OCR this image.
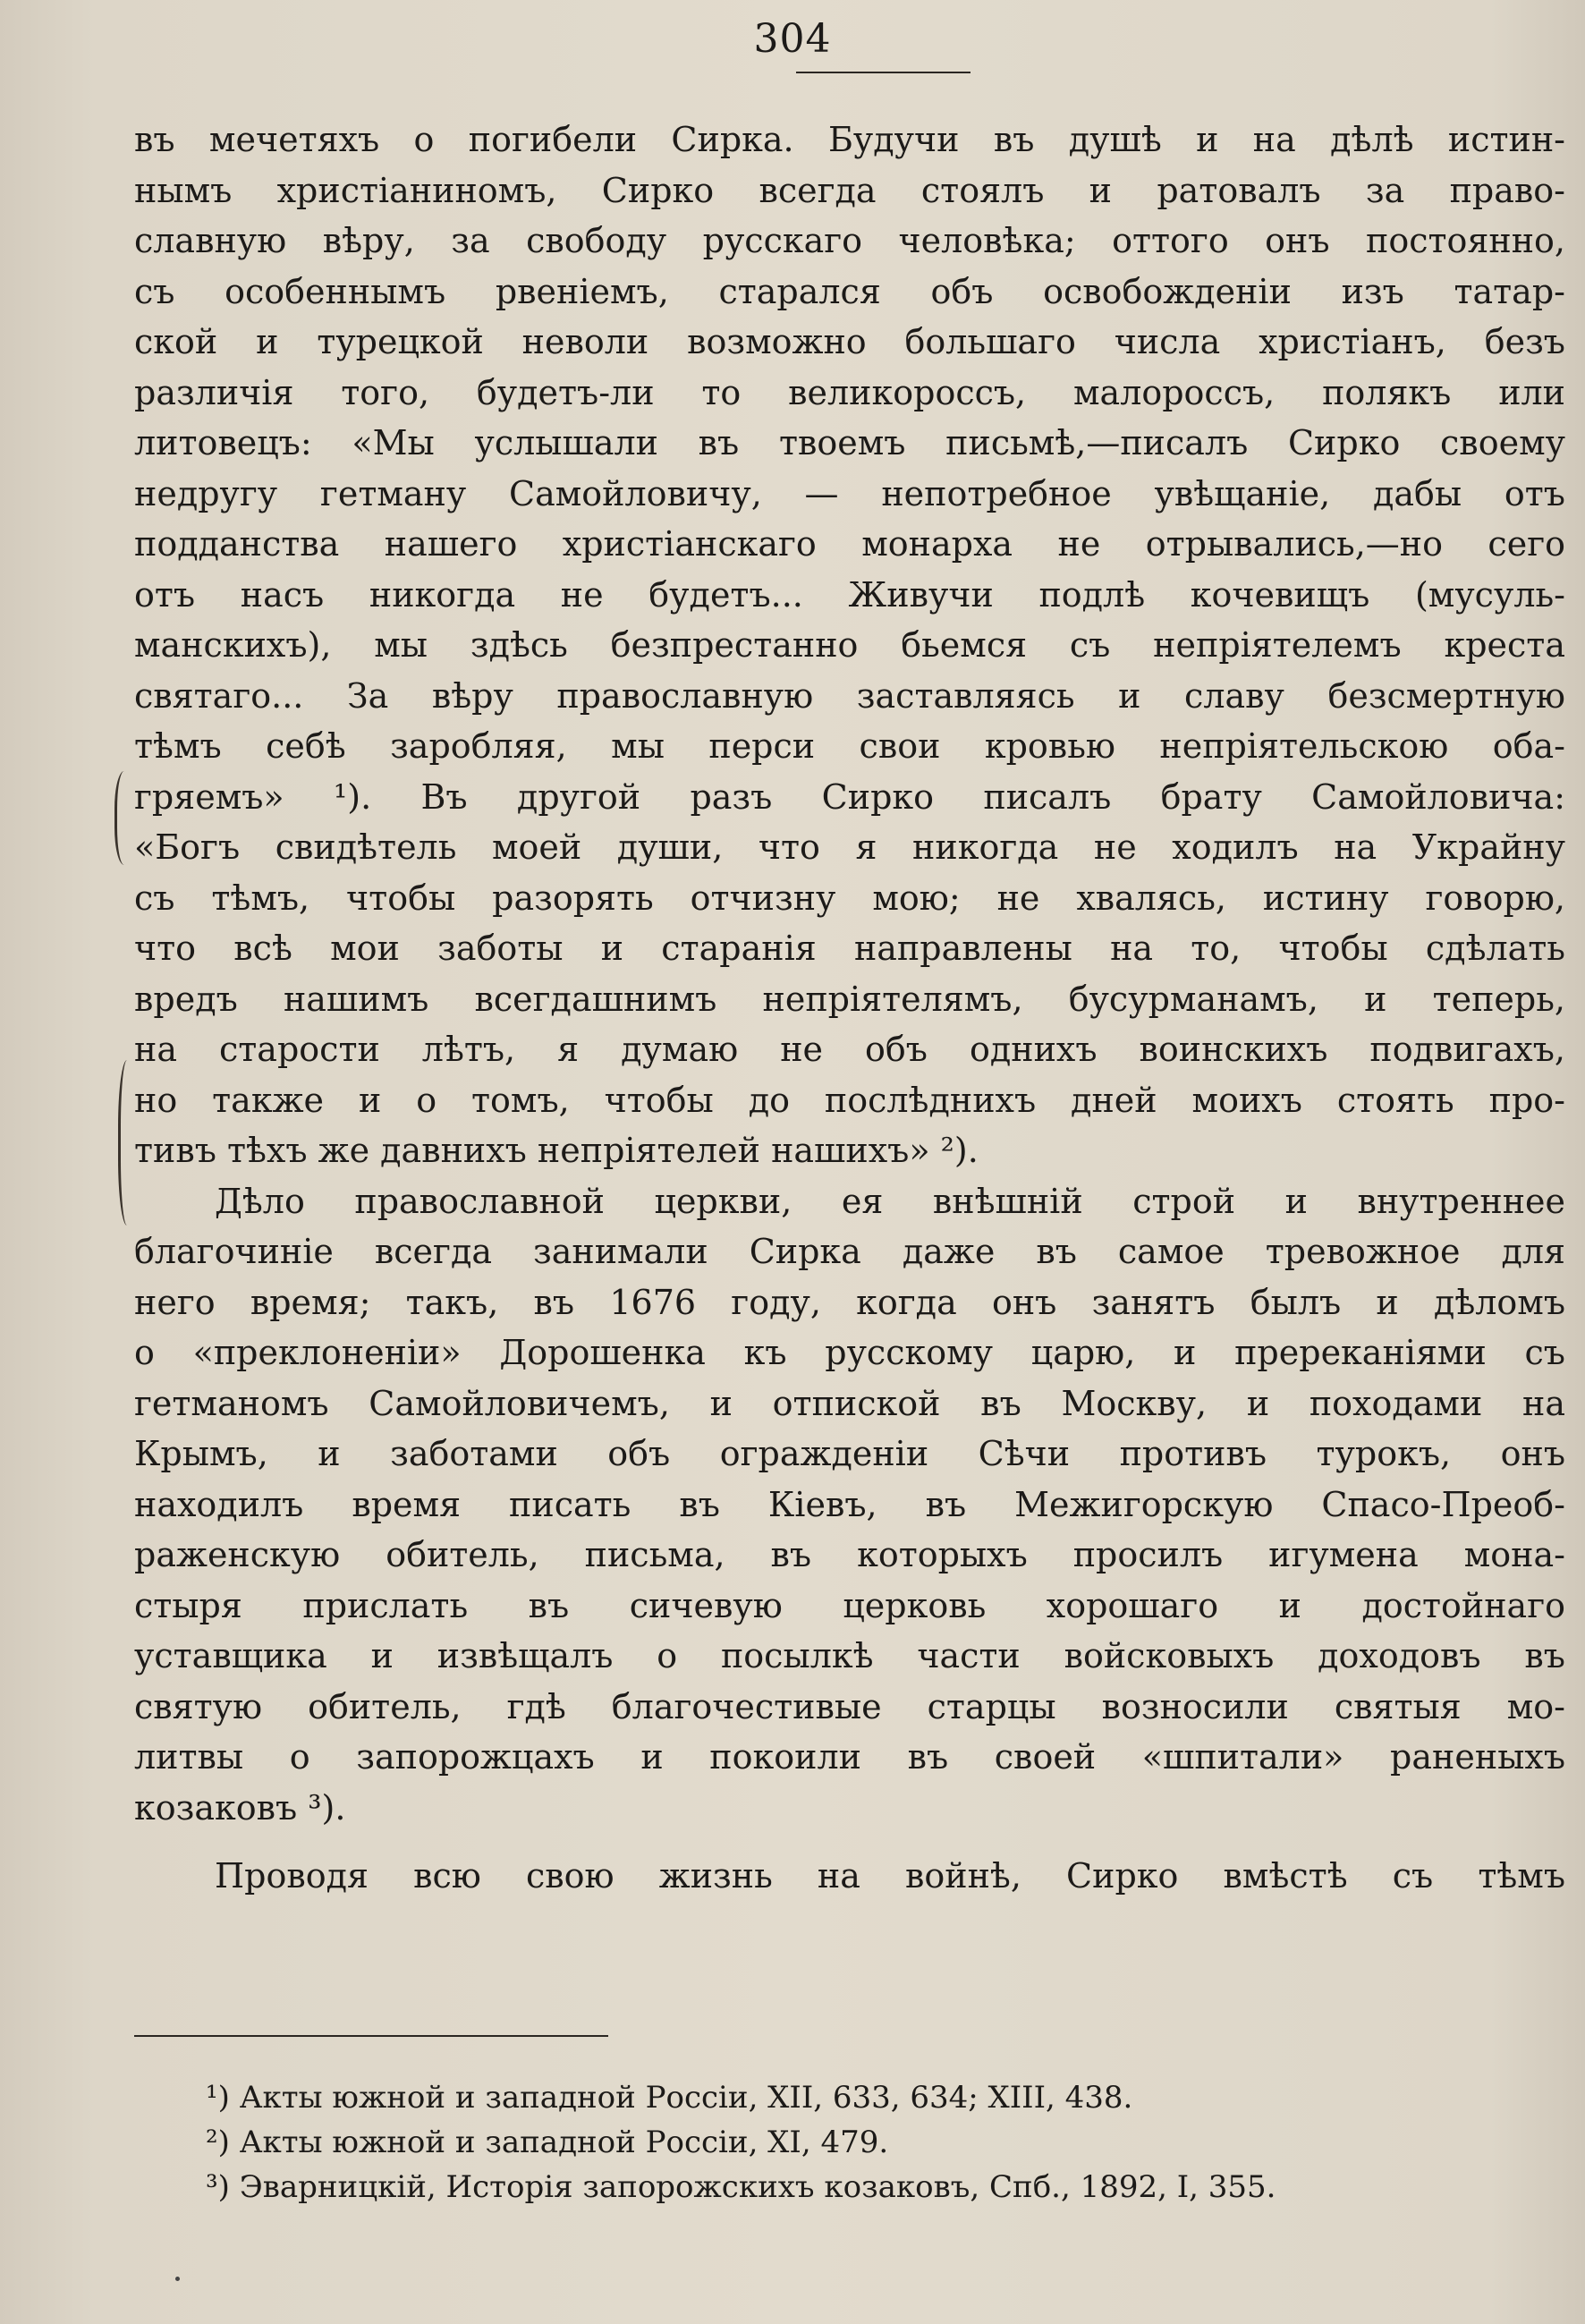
304
въ мечетяхъ о погибели Сирка. Будучи въ душѣ и на дѣлѣ истин-
нымъ христіаниномъ, Сирко всегда стоялъ и ратовалъ за право-
славную вѣру, за свободу русскаго человѣка; оттого онъ постоянно,
съ особеннымъ рвеніемъ, старался объ освобожденіи изъ татар-
ской и турецкой неволи возможно большаго числа христіанъ, безъ
различія того, будетъ-ли то великороссъ, малороссъ, полякъ или
литовецъ: «Мы услышали въ твоемъ письмѣ,—писалъ Сирко своему
недругу гетману Самойловичу, — непотребное увѣщаніе, дабы отъ
подданства нашего христіанскаго монарха не отрывались,—но сего
отъ насъ никогда не будетъ... Живучи подлѣ кочевищъ (мусуль-
манскихъ), мы здѣсь безпрестанно бьемся съ непріятелемъ креста
святаго... За вѣру православную заставляясь и славу безсмертную
тѣмъ себѣ заробляя, мы перси свои кровью непріятельскою оба-
гряемъ» ¹). Въ другой разъ Сирко писалъ брату Самойловича:
«Богъ свидѣтель моей души, что я никогда не ходилъ на Украйну
съ тѣмъ, чтобы разорять отчизну мою; не хвалясь, истину говорю,
что всѣ мои заботы и старанія направлены на то, чтобы сдѣлать
вредъ нашимъ всегдашнимъ непріятелямъ, бусурманамъ, и теперь,
на старости лѣтъ, я думаю не объ однихъ воинскихъ подвигахъ,
но также и о томъ, чтобы до послѣднихъ дней моихъ стоять про-
тивъ тѣхъ же давнихъ непріятелей нашихъ» ²).
Дѣло православной церкви, ея внѣшній строй и внутреннее
благочиніе всегда занимали Сирка даже въ самое тревожное для
него время; такъ, въ 1676 году, когда онъ занятъ былъ и дѣломъ
о «преклоненіи» Дорошенка къ русскому царю, и пререканіями съ
гетманомъ Самойловичемъ, и отпиской въ Москву, и походами на
Крымъ, и заботами объ огражденіи Сѣчи противъ турокъ, онъ
находилъ время писать въ Кіевъ, въ Межигорскую Спасо-Преоб-
раженскую обитель, письма, въ которыхъ просилъ игумена мона-
стыря прислать въ сичевую церковь хорошаго и достойнаго
уставщика и извѣщалъ о посылкѣ части войсковыхъ доходовъ въ
святую обитель, гдѣ благочестивые старцы возносили святыя мо-
литвы о запорожцахъ и покоили въ своей «шпитали» раненыхъ
козаковъ ³).
Проводя всю свою жизнь на войнѣ, Сирко вмѣстѣ съ тѣмъ
¹) Акты южной и западной Россіи, XII, 633, 634; XIII, 438.
²) Акты южной и западной Россіи, XI, 479.
³) Эварницкій, Исторія запорожскихъ козаковъ, Спб., 1892, I, 355.
